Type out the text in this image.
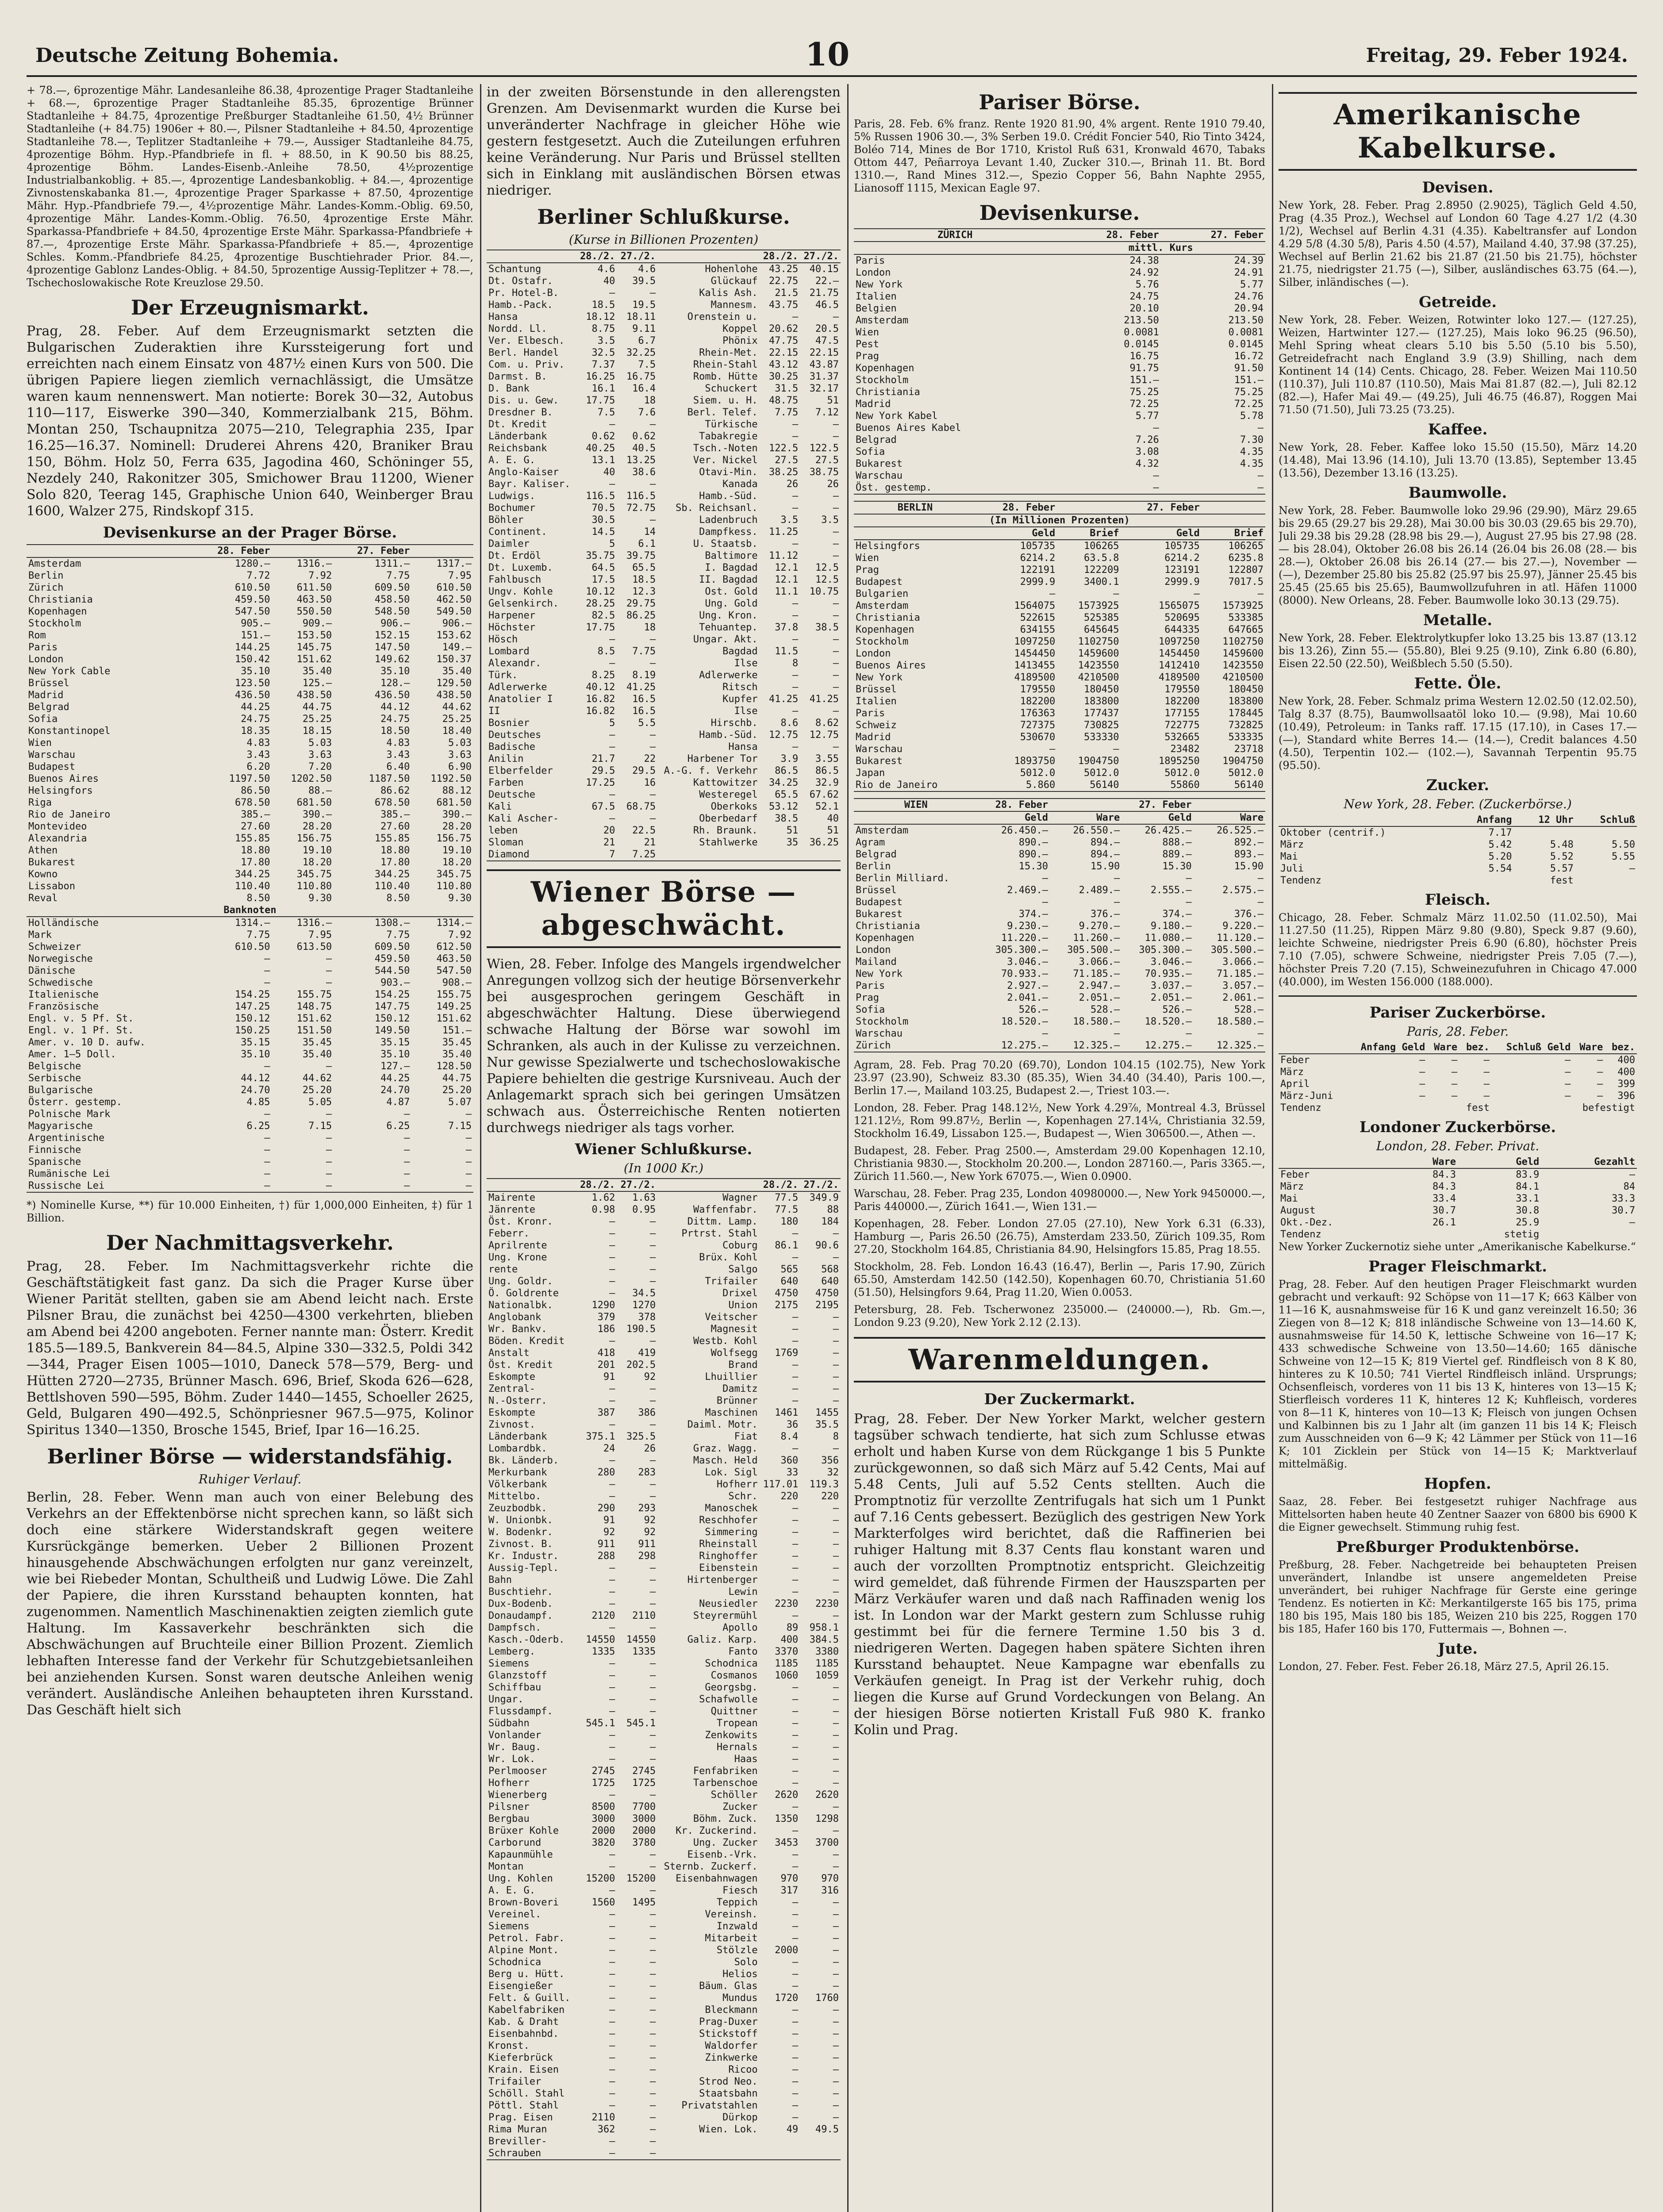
Deutsche Zeitung Bohemia.	10	Freitag, 29. Feber 1924.

+ 78.—, 6prozentige Mähr. Landesanleihe 86.38, 4prozentige Prager Stadtanleihe + 68.—, 6prozentige Prager Stadtanleihe 85.35, 6prozentige Brünner Stadtanleihe + 84.75, 4prozentige Preßburger Stadtanleihe 61.50, 4½ Brünner Stadtanleihe (+ 84.75) 1906er + 80.—, Pilsner Stadtanleihe + 84.50, 4prozentige Stadtanleihe 78.—, Teplitzer Stadtanleihe + 79.—, Aussiger Stadtanleihe 84.75, 4prozentige Böhm. Hyp.-Pfandbriefe in fl. + 88.50, in K 90.50 bis 88.25, 4prozentige Böhm. Landes-Eisenb.-Anleihe 78.50, 4½prozentige Industrialbankoblig. + 85.—, 4prozentige Landesbankoblig. + 84.—, 4prozentige Zivnostenskabanka 81.—, 4prozentige Prager Sparkasse + 87.50, 4prozentige Mähr. Hyp.-Pfandbriefe 79.—, 4½prozentige Mähr. Landes-Komm.-Oblig. 69.50, 4prozentige Mähr. Landes-Komm.-Oblig. 76.50, 4prozentige Erste Mähr. Sparkassa-Pfandbriefe + 84.50, 4prozentige Erste Mähr. Sparkassa-Pfandbriefe + 87.—, 4prozentige Erste Mähr. Sparkassa-Pfandbriefe + 85.—, 4prozentige Schles. Komm.-Pfandbriefe 84.25, 4prozentige Buschtiehrader Prior. 84.—, 4prozentige Gablonz Landes-Oblig. + 84.50, 5prozentige Aussig-Teplitzer + 78.—, Tschechoslowakische Rote Kreuzlose 29.50.

Der Erzeugnismarkt.

Prag, 28. Feber. Auf dem Erzeugnismarkt setzten die Bulgarischen Zuderaktien ihre Kurssteigerung fort und erreichten nach einem Einsatz von 487½ einen Kurs von 500. Die übrigen Papiere liegen ziemlich vernachlässigt, die Umsätze waren kaum nennenswert. Man notierte: Borek 30—32, Autobus 110—117, Eiswerke 390—340, Kommerzialbank 215, Böhm. Montan 250, Tschaupnitza 2075—210, Telegraphia 235, Ipar 16.25—16.37. Nominell: Druderei Ahrens 420, Braniker Brau 150, Böhm. Holz 50, Ferra 635, Jagodina 460, Schöninger 55, Nezdely 240, Rakonitzer 305, Smichower Brau 11200, Wiener Solo 820, Teerag 145, Graphische Union 640, Weinberger Brau 1600, Walzer 275, Rindskopf 315.

Devisenkurse an der Prager Börse.
	28. Feber		27. Feber	
Amsterdam	1280.—	1316.—	1311.—	1317.—
Berlin	7.72	7.92	7.75	7.95
Zürich	610.50	611.50	609.50	610.50
Christiania	459.50	463.50	458.50	462.50
Kopenhagen	547.50	550.50	548.50	549.50
Stockholm	905.—	909.—	906.—	906.—
Rom	151.—	153.50	152.15	153.62
Paris	144.25	145.75	147.50	149.—
London	150.42	151.62	149.62	150.37
New York Cable	35.10	35.40	35.10	35.40
Brüssel	123.50	125.—	128.—	129.50
Madrid	436.50	438.50	436.50	438.50
Belgrad	44.25	44.75	44.12	44.62
Sofia	24.75	25.25	24.75	25.25
Konstantinopel	18.35	18.15	18.50	18.40
Wien	4.83	5.03	4.83	5.03
Warschau	3.43	3.63	3.43	3.63
Budapest	6.20	7.20	6.40	6.90
Buenos Aires	1197.50	1202.50	1187.50	1192.50
Helsingfors	86.50	88.—	86.62	88.12
Riga	678.50	681.50	678.50	681.50
Rio de Janeiro	385.—	390.—	385.—	390.—
Montevideo	27.60	28.20	27.60	28.20
Alexandria	155.85	156.75	155.85	156.75
Athen	18.80	19.10	18.80	19.10
Bukarest	17.80	18.20	17.80	18.20
Kowno	344.25	345.75	344.25	345.75
Lissabon	110.40	110.80	110.40	110.80
Reval	8.50	9.30	8.50	9.30
Banknoten				
Holländische	1314.—	1316.—	1308.—	1314.—
Mark	7.75	7.95	7.75	7.92
Schweizer	610.50	613.50	609.50	612.50
Norwegische	—	—	459.50	463.50
Dänische	—	—	544.50	547.50
Schwedische	—	—	903.—	908.—
Italienische	154.25	155.75	154.25	155.75
Französische	147.25	148.75	147.75	149.25
Engl. v. 5 Pf. St.	150.12	151.62	150.12	151.62
Engl. v. 1 Pf. St.	150.25	151.50	149.50	151.—
Amer. v. 10 D. aufw.	35.15	35.45	35.15	35.45
Amer. 1—5 Doll.	35.10	35.40	35.10	35.40
Belgische	—	—	127.—	128.50
Serbische	44.12	44.62	44.25	44.75
Bulgarische	24.70	25.20	24.70	25.20
Österr. gestemp.	4.85	5.05	4.87	5.07
Polnische Mark	—	—	—	—
Magyarische	6.25	7.15	6.25	7.15
Argentinische	—	—	—	—
Finnische	—	—	—	—
Spanische	—	—	—	—
Rumänische Lei	—	—	—	—
Russische Lei	—	—	—	—

*) Nominelle Kurse, **) für 10.000 Einheiten, †) für 1,000,000 Einheiten, ‡) für 1 Billion.

Der Nachmittagsverkehr.

Prag, 28. Feber. Im Nachmittagsverkehr richte die Geschäftstätigkeit fast ganz. Da sich die Prager Kurse über Wiener Parität stellten, gaben sie am Abend leicht nach. Erste Pilsner Brau, die zunächst bei 4250—4300 verkehrten, blieben am Abend bei 4200 angeboten. Ferner nannte man: Österr. Kredit 185.5—189.5, Bankverein 84—84.5, Alpine 330—332.5, Poldi 342—344, Prager Eisen 1005—1010, Daneck 578—579, Berg- und Hütten 2720—2735, Brünner Masch. 696, Brief, Skoda 626—628, Bettlshoven 590—595, Böhm. Zuder 1440—1455, Schoeller 2625, Geld, Bulgaren 490—492.5, Schönpriesner 967.5—975, Kolinor Spiritus 1340—1350, Brosche 1545, Brief, Ipar 16—16.25.

Berliner Börse — widerstandsfähig.
Ruhiger Verlauf.

Berlin, 28. Feber. Wenn man auch von einer Belebung des Verkehrs an der Effektenbörse nicht sprechen kann, so läßt sich doch eine stärkere Widerstandskraft gegen weitere Kursrückgänge bemerken. Ueber 2 Billionen Prozent hinausgehende Abschwächungen erfolgten nur ganz vereinzelt, wie bei Riebeder Montan, Schultheiß und Ludwig Löwe. Die Zahl der Papiere, die ihren Kursstand behaupten konnten, hat zugenommen. Namentlich Maschinenaktien zeigten ziemlich gute Haltung. Im Kassaverkehr beschränkten sich die Abschwächungen auf Bruchteile einer Billion Prozent. Ziemlich lebhaften Interesse fand der Verkehr für Schutzgebietsanleihen bei anziehenden Kursen. Sonst waren deutsche Anleihen wenig verändert. Ausländische Anleihen behaupteten ihren Kursstand. Das Geschäft hielt sich

in der zweiten Börsenstunde in den allerengsten Grenzen. Am Devisenmarkt wurden die Kurse bei unveränderter Nachfrage in gleicher Höhe wie gestern festgesetzt. Auch die Zuteilungen erfuhren keine Veränderung. Nur Paris und Brüssel stellten sich in Einklang mit ausländischen Börsen etwas niedriger.

Berliner Schlußkurse.
(Kurse in Billionen Prozenten)
	28./2.	27./2.		28./2.	27./2.
Schantung	4.6	4.6	Hohenlohe	43.25	40.15
Dt. Ostafr.	40	39.5	Glückauf	22.75	22.—
Pr. Hotel-B.	—	—	Kalis Ash.	21.5	21.75
Hamb.-Pack.	18.5	19.5	Mannesm.	43.75	46.5
Hansa	18.12	18.11	Orenstein u.	—	—
Nordd. Ll.	8.75	9.11	Koppel	20.62	20.5
Ver. Elbesch.	3.5	6.7	Phönix	47.75	47.5
Berl. Handel	32.5	32.25	Rhein-Met.	22.15	22.15
Com. u. Priv.	7.37	7.5	Rhein-Stahl	43.12	43.87
Darmst. B.	16.25	16.75	Romb. Hütte	30.25	31.37
D. Bank	16.1	16.4	Schuckert	31.5	32.17
Dis. u. Gew.	17.75	18	Siem. u. H.	48.75	51
Dresdner B.	7.5	7.6	Berl. Telef.	7.75	7.12
Dt. Kredit	—	—	Türkische	—	—
Länderbank	0.62	0.62	Tabakregie	—	—
Reichsbank	40.25	40.5	Tsch.-Noten	122.5	122.5
A. E. G.	13.1	13.25	Ver. Nickel	27.5	27.5
Anglo-Kaiser	40	38.6	Otavi-Min.	38.25	38.75
Bayr. Kaliser.	—	—	Kanada	26	26
Ludwigs.	116.5	116.5	Hamb.-Süd.	—	—
Bochumer	70.5	72.75	Sb. Reichsanl.	—	—
Böhler	30.5	—	Ladenbruch	3.5	3.5
Continent.	14.5	14	Dampfkess.	11.25	—
Daimler	5	6.1	U. Staatsb.	—	—
Dt. Erdöl	35.75	39.75	Baltimore	11.12	—
Dt. Luxemb.	64.5	65.5	I. Bagdad	12.1	12.5
Fahlbusch	17.5	18.5	II. Bagdad	12.1	12.5
Ungv. Kohle	10.12	12.3	Ost. Gold	11.1	10.75
Gelsenkirch.	28.25	29.75	Ung. Gold	—	—
Harpener	82.5	86.25	Ung. Kron.	—	—
Höchster	17.75	18	Tehuantep.	37.8	38.5
Hösch	—	—	Ungar. Akt.	—	—
Lombard	8.5	7.75	Bagdad	11.5	—
Alexandr.	—	—	Ilse	8	—
Türk.	8.25	8.19	Adlerwerke	—	—
Adlerwerke	40.12	41.25	Ritsch	—	—
Anatolier I	16.82	16.5	Kupfer	41.25	41.25
II	16.82	16.5	Ilse	—	—
Bosnier	5	5.5	Hirschb.	8.6	8.62
Deutsches	—	—	Hamb.-Süd.	12.75	12.75
Badische	—	—	Hansa	—	—
Anilin	21.7	22	Harbener Tor	3.9	3.55
Elberfelder	29.5	29.5	A.-G. f. Verkehr	86.5	86.5
Farben	17.25	16	Kattowitzer	34.25	32.9
Deutsche	—	—	Westeregel	65.5	67.62
Kali	67.5	68.75	Oberkoks	53.12	52.1
Kali Ascher-	—	—	Oberbedarf	38.5	40
leben	20	22.5	Rh. Braunk.	51	51
Sloman	21	21	Stahlwerke	35	36.25
Diamond	7	7.25			
Wiener Börse — abgeschwächt.

Wien, 28. Feber. Infolge des Mangels irgendwelcher Anregungen vollzog sich der heutige Börsenverkehr bei ausgesprochen geringem Geschäft in abgeschwächter Haltung. Diese überwiegend schwache Haltung der Börse war sowohl im Schranken, als auch in der Kulisse zu verzeichnen. Nur gewisse Spezialwerte und tschechoslowakische Papiere behielten die gestrige Kursniveau. Auch der Anlagemarkt sprach sich bei geringen Umsätzen schwach aus. Österreichische Renten notierten durchwegs niedriger als tags vorher.

Wiener Schlußkurse.
(In 1000 Kr.)
	28./2.	27./2.		28./2.	27./2.
Mairente	1.62	1.63	Wagner	77.5	349.9
Jänrente	0.98	0.95	Waffenfabr.	77.5	88
Öst. Kronr.	—	—	Dittm. Lamp.	180	184
Feberr.	—	—	Prtrst. Stahl	—	—
Aprilrente	—	—	Coburg	86.1	90.6
Ung. Krone	—	—	Brüx. Kohl	—	—
rente	—	—	Salgo	565	568
Ung. Goldr.	—	—	Trifailer	640	640
Ö. Goldrente	—	34.5	Drixel	4750	4750
Nationalbk.	1290	1270	Union	2175	2195
Anglobank	379	378	Veitscher	—	—
Wr. Bankv.	186	190.5	Magnesit	—	—
Böden. Kredit	—	—	Westb. Kohl	—	—
Anstalt	418	419	Wolfsegg	1769	—
Öst. Kredit	201	202.5	Brand	—	—
Eskompte	91	92	Lhuillier	—	—
Zentral-	—	—	Damitz	—	—
N.-Osterr.	—	—	Brünner	—	—
Eskompte	387	386	Maschinen	1461	1455
Zivnost.	—	—	Daiml. Motr.	36	35.5
Länderbank	375.1	325.5	Fiat	8.4	8
Lombardbk.	24	26	Graz. Wagg.	—	—
Bk. Länderb.	—	—	Masch. Held	360	356
Merkurbank	280	283	Lok. Sigl	33	32
Völkerbank	—	—	Hofherr	117.01	119.3
Mittelbo.	—	—	Schr.	220	220
Zeuzbodbk.	290	293	Manoschek	—	—
W. Unionbk.	91	92	Reschhofer	—	—
W. Bodenkr.	92	92	Simmering	—	—
Zivnost. B.	911	911	Rheinstall	—	—
Kr. Industr.	288	298	Ringhoffer	—	—
Aussig-Tepl.	—	—	Eibenstein	—	—
Bahn	—	—	Hirtenberger	—	—
Buschtiehr.	—	—	Lewin	—	—
Dux-Bodenb.	—	—	Neusiedler	2230	2230
Donaudampf.	2120	2110	Steyrermühl	—	—
Dampfsch.	—	—	Apollo	89	958.1
Kasch.-Oderb.	14550	14550	Galiz. Karp.	400	384.5
Lemberg.	1335	1335	Fanto	3370	3380
Siemens	—	—	Schodnica	1185	1185
Glanzstoff	—	—	Cosmanos	1060	1059
Schiffbau	—	—	Georgsbg.	—	—
Ungar.	—	—	Schafwolle	—	—
Flussdampf.	—	—	Quittner	—	—
Südbahn	545.1	545.1	Tropean	—	—
Vonlander	—	—	Zenkowits	—	—
Wr. Baug.	—	—	Hernals	—	—
Wr. Lok.	—	—	Haas	—	—
Perlmooser	2745	2745	Fenfabriken	—	—
Hofherr	1725	1725	Tarbenschoe	—	—
Wienerberg	—	—	Schöller	2620	2620
Pilsner	8500	7700	Zucker	—	—
Bergbau	3000	3000	Böhm. Zuck.	1350	1298
Brüxer Kohle	2000	2000	Kr. Zuckerind.	—	—
Carborund	3820	3780	Ung. Zucker	3453	3700
Kapaunmühle	—	—	Eisenb.-Vrk.	—	—
Montan	—	—	Sternb. Zuckerf.	—	—
Ung. Kohlen	15200	15200	Eisenbahnwagen	970	970
A. E. G.	—	—	Fiesch	317	316
Brown-Boveri	1560	1495	Teppich	—	—
Vereinel.	—	—	Vereinsh.	—	—
Siemens	—	—	Inzwald	—	—
Petrol. Fabr.	—	—	Mitarbeit	—	—
Alpine Mont.	—	—	Stölzle	2000	—
Schodnica	—	—	Solo	—	—
Berg u. Hütt.	—	—	Helios	—	—
Eisengießer	—	—	Bäum. Glas	—	—
Felt. & Guill.	—	—	Mundus	1720	1760
Kabelfabriken	—	—	Bleckmann	—	—
Kab. & Draht	—	—	Prag-Duxer	—	—
Eisenbahnbd.	—	—	Stickstoff	—	—
Kronst.	—	—	Waldorfer	—	—
Kieferbrück	—	—	Zinkwerke	—	—
Krain. Eisen	—	—	Ricoo	—	—
Trifailer	—	—	Strod Neo.	—	—
Schöll. Stahl	—	—	Staatsbahn	—	—
Pöttl. Stahl	—	—	Privatstahlen	—	—
Prag. Eisen	2110	—	Dürkop	—	—
Rima Muran	362	—	Wien. Lok.	49	49.5
Breviller-	—	—			
Schrauben	—	—			
Pariser Börse.

Paris, 28. Feb. 6% franz. Rente 1920 81.90, 4% argent. Rente 1910 79.40, 5% Russen 1906 30.—, 3% Serben 19.0. Crédit Foncier 540, Rio Tinto 3424, Boléo 714, Mines de Bor 1710, Kristol Ruß 631, Kronwald 4670, Tabaks Ottom 447, Peñarroya Levant 1.40, Zucker 310.—, Brinah 11. Bt. Bord 1310.—, Rand Mines 312.—, Spezio Copper 56, Bahn Naphte 2955, Lianosoff 1115, Mexican Eagle 97.

Devisenkurse.
ZÜRICH	28. Feber	27. Feber
	mittl. Kurs	
Paris	24.38	24.39
London	24.92	24.91
New York	5.76	5.77
Italien	24.75	24.76
Belgien	20.10	20.94
Amsterdam	213.50	213.50
Wien	0.0081	0.0081
Pest	0.0145	0.0145
Prag	16.75	16.72
Kopenhagen	91.75	91.50
Stockholm	151.—	151.—
Christiania	75.25	75.25
Madrid	72.25	72.25
New York Kabel	5.77	5.78
Buenos Aires Kabel	—	—
Belgrad	7.26	7.30
Sofia	3.08	4.35
Bukarest	4.32	4.35
Warschau	—	—
Öst. gestemp.	—	—
BERLIN	28. Feber		27. Feber	
(In Millionen Prozenten)				
	Geld	Brief	Geld	Brief
Helsingfors	105735	106265	105735	106265
Wien	6214.2	63.5.8	6214.2	6235.8
Prag	122191	122209	123191	122807
Budapest	2999.9	3400.1	2999.9	7017.5
Bulgarien	—	—	—	—
Amsterdam	1564075	1573925	1565075	1573925
Christiania	522615	525385	520695	533385
Kopenhagen	634155	645645	644335	647665
Stockholm	1097250	1102750	1097250	1102750
London	1454450	1459600	1454450	1459600
Buenos Aires	1413455	1423550	1412410	1423550
New York	4189500	4210500	4189500	4210500
Brüssel	179550	180450	179550	180450
Italien	182200	183800	182200	183800
Paris	176363	177437	177155	178445
Schweiz	727375	730825	722775	732825
Madrid	530670	533330	532665	533335
Warschau	—	—	23482	23718
Bukarest	1893750	1904750	1895250	1904750
Japan	5012.0	5012.0	5012.0	5012.0
Rio de Janeiro	5.860	56140	55860	56140
WIEN	28. Feber		27. Feber	
	Geld	Ware	Geld	Ware
Amsterdam	26.450.—	26.550.—	26.425.—	26.525.—
Agram	890.—	894.—	888.—	892.—
Belgrad	890.—	894.—	889.—	893.—
Berlin	15.30	15.90	15.30	15.90
Berlin Milliard.	—	—	—	—
Brüssel	2.469.—	2.489.—	2.555.—	2.575.—
Budapest	—	—	—	—
Bukarest	374.—	376.—	374.—	376.—
Christiania	9.230.—	9.270.—	9.180.—	9.220.—
Kopenhagen	11.220.—	11.260.—	11.080.—	11.120.—
London	305.300.—	305.500.—	305.300.—	305.500.—
Mailand	3.046.—	3.066.—	3.046.—	3.066.—
New York	70.933.—	71.185.—	70.935.—	71.185.—
Paris	2.927.—	2.947.—	3.037.—	3.057.—
Prag	2.041.—	2.051.—	2.051.—	2.061.—
Sofia	526.—	528.—	526.—	528.—
Stockholm	18.520.—	18.580.—	18.520.—	18.580.—
Warschau	—	—	—	—
Zürich	12.275.—	12.325.—	12.275.—	12.325.—

Agram, 28. Feb. Prag 70.20 (69.70), London 104.15 (102.75), New York 23.97 (23.90), Schweiz 83.30 (85.35), Wien 34.40 (34.40), Paris 100.—, Berlin 17.—, Mailand 103.25, Budapest 2.—, Triest 103.—.

London, 28. Feber. Prag 148.12½, New York 4.29⅞, Montreal 4.3, Brüssel 121.12½, Rom 99.87½, Berlin —, Kopenhagen 27.14¼, Christiania 32.59, Stockholm 16.49, Lissabon 125.—, Budapest —, Wien 306500.—, Athen —.

Budapest, 28. Feber. Prag 2500.—, Amsterdam 29.00 Kopenhagen 12.10, Christiania 9830.—, Stockholm 20.200.—, London 287160.—, Paris 3365.—, Zürich 11.560.—, New York 67075.—, Wien 0.0900.

Warschau, 28. Feber. Prag 235, London 40980000.—, New York 9450000.—, Paris 440000.—, Zürich 1641.—, Wien 131.—

Kopenhagen, 28. Feber. London 27.05 (27.10), New York 6.31 (6.33), Hamburg —, Paris 26.50 (26.75), Amsterdam 233.50, Zürich 109.35, Rom 27.20, Stockholm 164.85, Christiania 84.90, Helsingfors 15.85, Prag 18.55.

Stockholm, 28. Feb. London 16.43 (16.47), Berlin —, Paris 17.90, Zürich 65.50, Amsterdam 142.50 (142.50), Kopenhagen 60.70, Christiania 51.60 (51.50), Helsingfors 9.64, Prag 11.20, Wien 0.0053.

Petersburg, 28. Feb. Tscherwonez 235000.— (240000.—), Rb. Gm.—, London 9.23 (9.20), New York 2.12 (2.13).

Warenmeldungen.
Der Zuckermarkt.

Prag, 28. Feber. Der New Yorker Markt, welcher gestern tagsüber schwach tendierte, hat sich zum Schlusse etwas erholt und haben Kurse von dem Rückgange 1 bis 5 Punkte zurückgewonnen, so daß sich März auf 5.42 Cents, Mai auf 5.48 Cents, Juli auf 5.52 Cents stellten. Auch die Promptnotiz für verzollte Zentrifugals hat sich um 1 Punkt auf 7.16 Cents gebessert. Bezüglich des gestrigen New York Markterfolges wird berichtet, daß die Raffinerien bei ruhiger Haltung mit 8.37 Cents flau konstant waren und auch der vorzollten Promptnotiz entspricht. Gleichzeitig wird gemeldet, daß führende Firmen der Hauszsparten per März Verkäufer waren und daß nach Raffinaden wenig los ist. In London war der Markt gestern zum Schlusse ruhig gestimmt bei für die fernere Termine 1.50 bis 3 d. niedrigeren Werten. Dagegen haben spätere Sichten ihren Kursstand behauptet. Neue Kampagne war ebenfalls zu Verkäufen geneigt. In Prag ist der Verkehr ruhig, doch liegen die Kurse auf Grund Vordeckungen von Belang. An der hiesigen Börse notierten Kristall Fuß 980 K. franko Kolin und Prag.

Amerikanische Kabelkurse.
Devisen.

New York, 28. Feber. Prag 2.8950 (2.9025), Täglich Geld 4.50, Prag (4.35 Proz.), Wechsel auf London 60 Tage 4.27 1/2 (4.30 1/2), Wechsel auf Berlin 4.31 (4.35). Kabeltransfer auf London 4.29 5/8 (4.30 5/8), Paris 4.50 (4.57), Mailand 4.40, 37.98 (37.25), Wechsel auf Berlin 21.62 bis 21.87 (21.50 bis 21.75), höchster 21.75, niedrigster 21.75 (—), Silber, ausländisches 63.75 (64.—), Silber, inländisches (—).

Getreide.

New York, 28. Feber. Weizen, Rotwinter loko 127.— (127.25), Weizen, Hartwinter 127.— (127.25), Mais loko 96.25 (96.50), Mehl Spring wheat clears 5.10 bis 5.50 (5.10 bis 5.50), Getreidefracht nach England 3.9 (3.9) Shilling, nach dem Kontinent 14 (14) Cents. Chicago, 28. Feber. Weizen Mai 110.50 (110.37), Juli 110.87 (110.50), Mais Mai 81.87 (82.—), Juli 82.12 (82.—), Hafer Mai 49.— (49.25), Juli 46.75 (46.87), Roggen Mai 71.50 (71.50), Juli 73.25 (73.25).

Kaffee.

New York, 28. Feber. Kaffee loko 15.50 (15.50), März 14.20 (14.48), Mai 13.96 (14.10), Juli 13.70 (13.85), September 13.45 (13.56), Dezember 13.16 (13.25).

Baumwolle.

New York, 28. Feber. Baumwolle loko 29.96 (29.90), März 29.65 bis 29.65 (29.27 bis 29.28), Mai 30.00 bis 30.03 (29.65 bis 29.70), Juli 29.38 bis 29.28 (28.98 bis 29.—), August 27.95 bis 27.98 (28.— bis 28.04), Oktober 26.08 bis 26.14 (26.04 bis 26.08 (28.— bis 28.—), Oktober 26.08 bis 26.14 (27.— bis 27.—), November — (—), Dezember 25.80 bis 25.82 (25.97 bis 25.97), Jänner 25.45 bis 25.45 (25.65 bis 25.65), Baumwollzufuhren in atl. Häfen 11000 (8000). New Orleans, 28. Feber. Baumwolle loko 30.13 (29.75).

Metalle.

New York, 28. Feber. Elektrolytkupfer loko 13.25 bis 13.87 (13.12 bis 13.26), Zinn 55.— (55.80), Blei 9.25 (9.10), Zink 6.80 (6.80), Eisen 22.50 (22.50), Weißblech 5.50 (5.50).

Fette. Öle.

New York, 28. Feber. Schmalz prima Western 12.02.50 (12.02.50), Talg 8.37 (8.75), Baumwollsaatöl loko 10.— (9.98), Mai 10.60 (10.49), Petroleum: in Tanks raff. 17.15 (17.10), in Cases 17.— (—), Standard white Berres 14.— (14.—), Credit balances 4.50 (4.50), Terpentin 102.— (102.—), Savannah Terpentin 95.75 (95.50).

Zucker.
New York, 28. Feber. (Zuckerbörse.)
	Anfang	12 Uhr	Schluß
Oktober (centrif.)	7.17		
März	5.42	5.48	5.50
Mai	5.20	5.52	5.55
Juli	5.54	5.57	—
Tendenz		fest	
Fleisch.

Chicago, 28. Feber. Schmalz März 11.02.50 (11.02.50), Mai 11.27.50 (11.25), Rippen März 9.80 (9.80), Speck 9.87 (9.60), leichte Schweine, niedrigster Preis 6.90 (6.80), höchster Preis 7.10 (7.05), schwere Schweine, niedrigster Preis 7.05 (7.—), höchster Preis 7.20 (7.15), Schweinezufuhren in Chicago 47.000 (40.000), im Westen 156.000 (188.000).

Pariser Zuckerbörse.
Paris, 28. Feber.
	Anfang Geld	Ware	bez.	Schluß Geld	Ware	bez.
Feber	—	—	—	—	—	400
März	—	—	—	—	—	400
April	—	—	—	—	—	399
März-Juni	—	—	—	—	—	396
Tendenz	fest			befestigt		
Londoner Zuckerbörse.
London, 28. Feber. Privat.
	Ware	Geld	Gezahlt
Feber	84.3	83.9	—
März	84.3	84.1	84
Mai	33.4	33.1	33.3
August	30.7	30.8	30.7
Okt.-Dez.	26.1	25.9	—
Tendenz		stetig	

New Yorker Zuckernotiz siehe unter „Amerikanische Kabelkurse.“

Prager Fleischmarkt.

Prag, 28. Feber. Auf den heutigen Prager Fleischmarkt wurden gebracht und verkauft: 92 Schöpse von 11—17 K; 663 Kälber von 11—16 K, ausnahmsweise für 16 K und ganz vereinzelt 16.50; 36 Ziegen von 8—12 K; 818 inländische Schweine von 13—14.60 K, ausnahmsweise für 14.50 K, lettische Schweine von 16—17 K; 433 schwedische Schweine von 13.50—14.60; 165 dänische Schweine von 12—15 K; 819 Viertel gef. Rindfleisch von 8 K 80, hinteres zu K 10.50; 741 Viertel Rindfleisch inländ. Ursprungs; Ochsenfleisch, vorderes von 11 bis 13 K, hinteres von 13—15 K; Stierfleisch vorderes 11 K, hinteres 12 K; Kuhfleisch, vorderes von 8—11 K, hinteres von 10—13 K; Fleisch von jungen Ochsen und Kalbinnen bis zu 1 Jahr alt (im ganzen 11 bis 14 K; Fleisch zum Ausschneiden von 6—9 K; 42 Lämmer per Stück von 11—16 K; 101 Zicklein per Stück von 14—15 K; Marktverlauf mittelmäßig.

Hopfen.

Saaz, 28. Feber. Bei festgesetzt ruhiger Nachfrage aus Mittelsorten haben heute 40 Zentner Saazer von 6800 bis 6900 K die Eigner gewechselt. Stimmung ruhig fest.

Preßburger Produktenbörse.

Preßburg, 28. Feber. Nachgetreide bei behaupteten Preisen unverändert, Inlandbe ist unsere angemeldeten Preise unverändert, bei ruhiger Nachfrage für Gerste eine geringe Tendenz. Es notierten in Kč: Merkantilgerste 165 bis 175, prima 180 bis 195, Mais 180 bis 185, Weizen 210 bis 225, Roggen 170 bis 185, Hafer 160 bis 170, Futtermais —, Bohnen —.

Jute.

London, 27. Feber. Fest. Feber 26.18, März 27.5, April 26.15.
